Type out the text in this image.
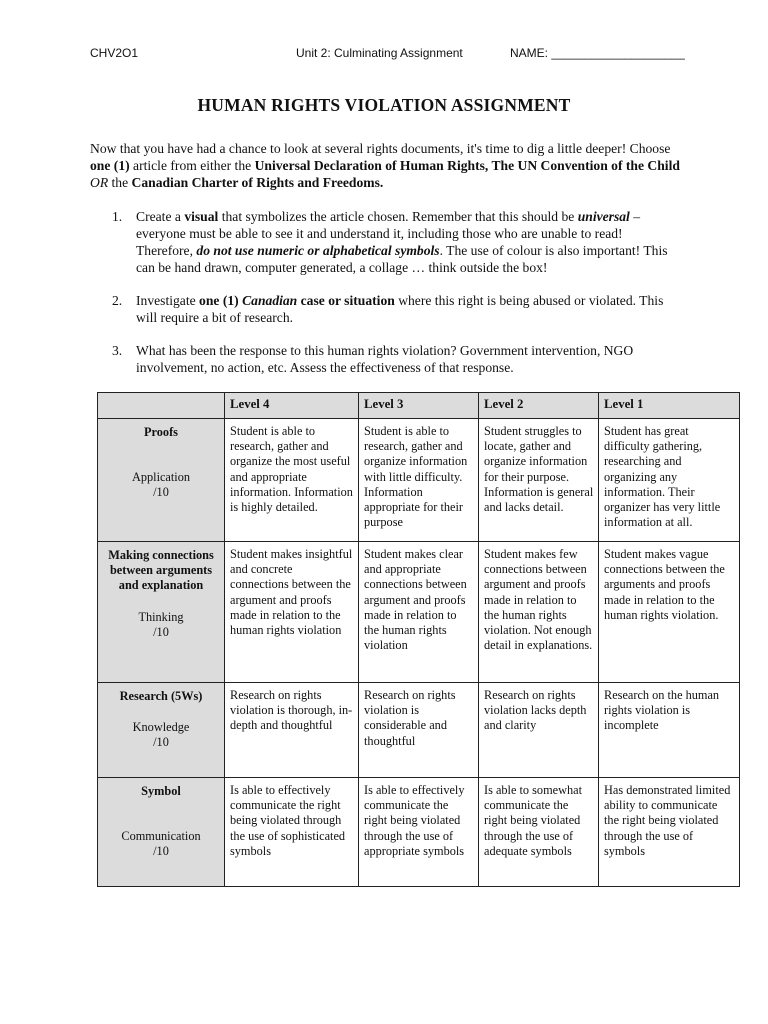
CHV2O1	Unit 2: Culminating Assignment	NAME: ____________________
HUMAN RIGHTS VIOLATION ASSIGNMENT
Now that you have had a chance to look at several rights documents, it's time to dig a little deeper! Choose one (1) article from either the Universal Declaration of Human Rights, The UN Convention of the Child OR the Canadian Charter of Rights and Freedoms.
1. Create a visual that symbolizes the article chosen. Remember that this should be universal – everyone must be able to see it and understand it, including those who are unable to read! Therefore, do not use numeric or alphabetical symbols. The use of colour is also important! This can be hand drawn, computer generated, a collage … think outside the box!
2. Investigate one (1) Canadian case or situation where this right is being abused or violated. This will require a bit of research.
3. What has been the response to this human rights violation? Government intervention, NGO involvement, no action, etc. Assess the effectiveness of that response.
	Level 4	Level 3	Level 2	Level 1

Proofs
Application
/10	Student is able to research, gather and organize the most useful and appropriate information. Information is highly detailed.	Student is able to research, gather and organize information with little difficulty. Information appropriate for their purpose	Student struggles to locate, gather and organize information for their purpose. Information is general and lacks detail.	Student has great difficulty gathering, researching and organizing any information. Their organizer has very little information at all.

Making connections between arguments and explanation
Thinking
/10	Student makes insightful and concrete connections between the argument and proofs made in relation to the human rights violation	Student makes clear and appropriate connections between argument and proofs made in relation to the human rights violation	Student makes few connections between argument and proofs made in relation to the human rights violation. Not enough detail in explanations.	Student makes vague connections between the arguments and proofs made in relation to the human rights violation.

Research (5Ws)
Knowledge
/10	Research on rights violation is thorough, in-depth and thoughtful	Research on rights violation is considerable and thoughtful	Research on rights violation lacks depth and clarity	Research on the human rights violation is incomplete

Symbol
Communication
/10	Is able to effectively communicate the right being violated through the use of sophisticated symbols	Is able to effectively communicate the right being violated through the use of appropriate symbols	Is able to somewhat communicate the right being violated through the use of adequate symbols	Has demonstrated limited ability to communicate the right being violated through the use of symbols
